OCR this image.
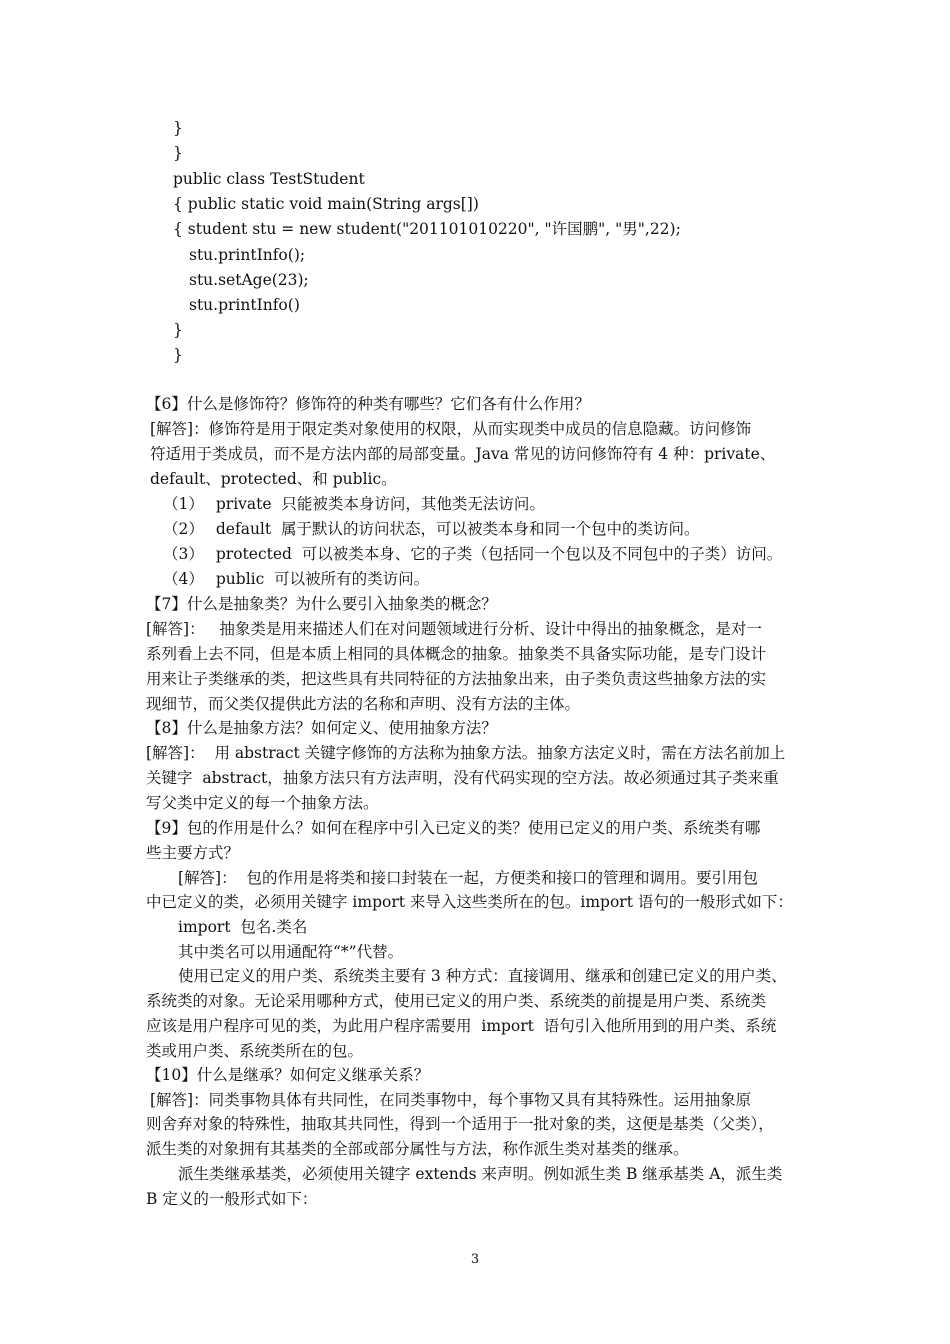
}
}
public class TestStudent
{ public static void main(String args[])
{ student stu = new student("201101010220", "许国鹏", "男",22);
stu.printInfo();
stu.setAge(23);
stu.printInfo()
}
}
【6】什么是修饰符？修饰符的种类有哪些？它们各有什么作用？
[解答]：修饰符是用于限定类对象使用的权限，从而实现类中成员的信息隐藏。访问修饰
符适用于类成员，而不是方法内部的局部变量。Java 常见的访问修饰符有 4 种：private、
default、protected、和 public。
（1） private  只能被类本身访问，其他类无法访问。
（2） default  属于默认的访问状态，可以被类本身和同一个包中的类访问。
（3） protected  可以被类本身、它的子类（包括同一个包以及不同包中的子类）访问。
（4） public  可以被所有的类访问。
【7】什么是抽象类？为什么要引入抽象类的概念？
[解答]：   抽象类是用来描述人们在对问题领域进行分析、设计中得出的抽象概念，是对一
系列看上去不同，但是本质上相同的具体概念的抽象。抽象类不具备实际功能，是专门设计
用来让子类继承的类，把这些具有共同特征的方法抽象出来，由子类负责这些抽象方法的实
现细节，而父类仅提供此方法的名称和声明、没有方法的主体。
【8】什么是抽象方法？如何定义、使用抽象方法？
[解答]：  用 abstract 关键字修饰的方法称为抽象方法。抽象方法定义时，需在方法名前加上
关键字  abstract，抽象方法只有方法声明，没有代码实现的空方法。故必须通过其子类来重
写父类中定义的每一个抽象方法。
【9】包的作用是什么？如何在程序中引入已定义的类？使用已定义的用户类、系统类有哪
些主要方式？
[解答]：  包的作用是将类和接口封装在一起，方便类和接口的管理和调用。要引用包
中已定义的类，必须用关键字 import 来导入这些类所在的包。import 语句的一般形式如下：
import  包名.类名
其中类名可以用通配符“*”代替。
使用已定义的用户类、系统类主要有 3 种方式：直接调用、继承和创建已定义的用户类、
系统类的对象。无论采用哪种方式，使用已定义的用户类、系统类的前提是用户类、系统类
应该是用户程序可见的类，为此用户程序需要用  import  语句引入他所用到的用户类、系统
类或用户类、系统类所在的包。
【10】什么是继承？如何定义继承关系？
[解答]：同类事物具体有共同性，在同类事物中，每个事物又具有其特殊性。运用抽象原
则舍弃对象的特殊性，抽取其共同性，得到一个适用于一批对象的类，这便是基类（父类），
派生类的对象拥有其基类的全部或部分属性与方法，称作派生类对基类的继承。
派生类继承基类，必须使用关键字 extends 来声明。例如派生类 B 继承基类 A，派生类
B 定义的一般形式如下：
3
